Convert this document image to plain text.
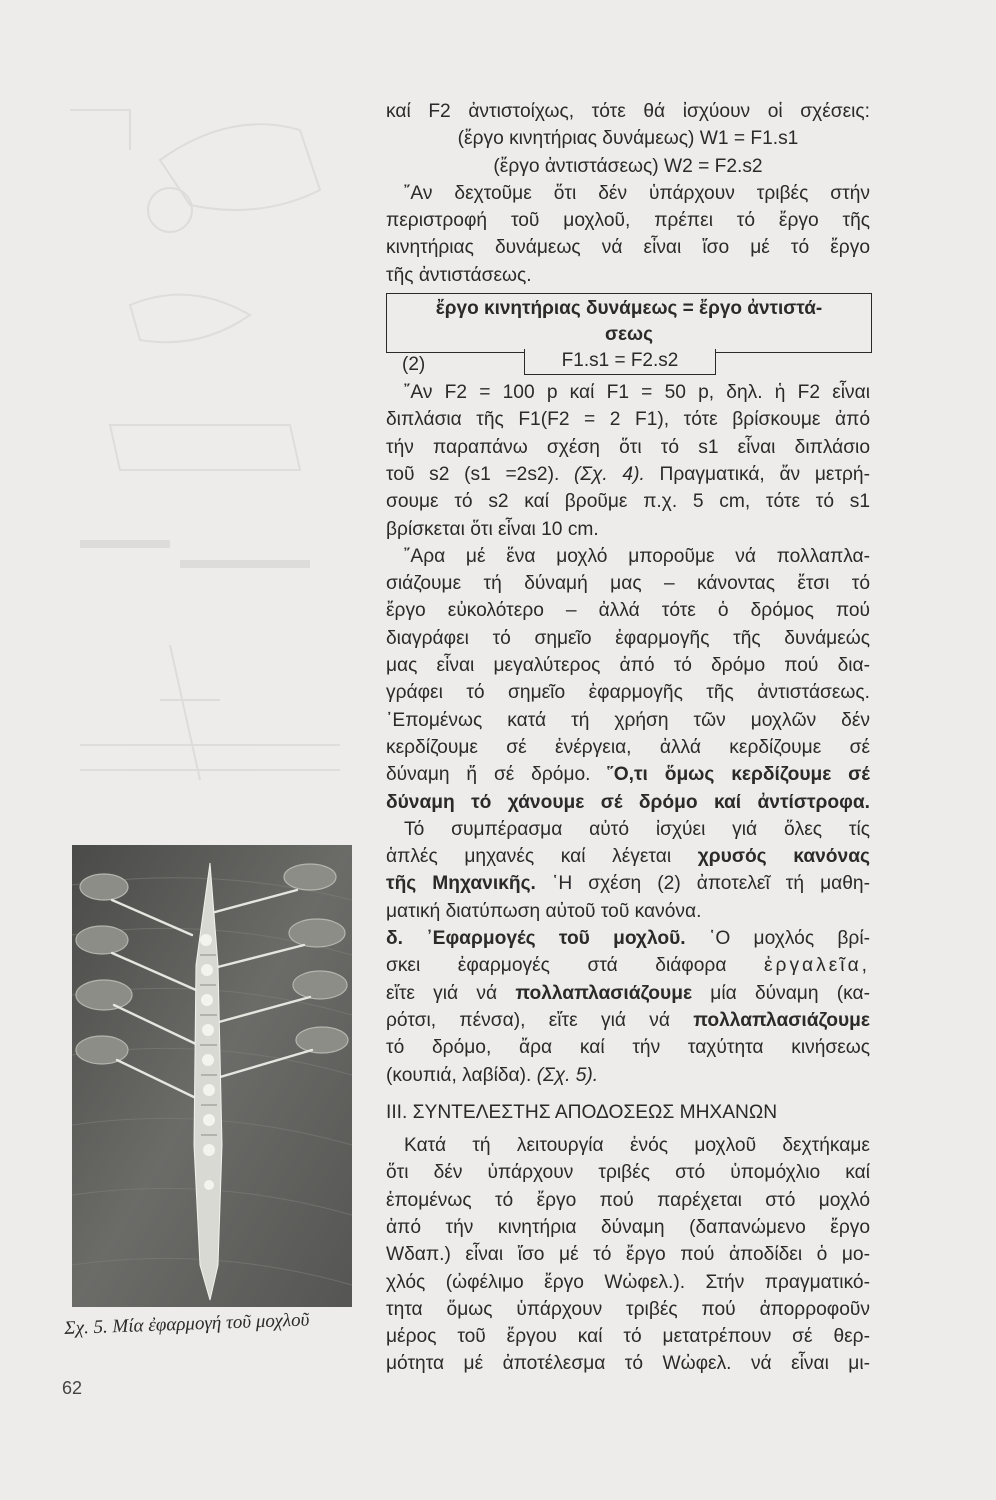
καί F2 ἀντιστοίχως, τότε θά ἰσχύουν οἱ σχέσεις:
(ἔργο κινητήριας δυνάμεως) W1 = F1.s1
(ἔργο ἀντιστάσεως) W2 = F2.s2
῎Αν δεχτοῦμε ὅτι δέν ὑπάρχουν τριβές στήν
περιστροφή τοῦ μοχλοῦ, πρέπει τό ἔργο τῆς
κινητήριας δυνάμεως νά εἶναι ἴσο μέ τό ἔργο
τῆς ἀντιστάσεως.
ἔργο κινητήριας δυνάμεως = ἔργο ἀντιστά-
σεως
(2)	F1.s1 = F2.s2
῎Αν F2 = 100 p καί F1 = 50 p, δηλ. ἡ F2 εἶναι
διπλάσια τῆς F1(F2 = 2 F1), τότε βρίσκουμε ἀπό
τήν παραπάνω σχέση ὅτι τό s1 εἶναι διπλάσιο
τοῦ s2 (s1 =2s2). (Σχ. 4). Πραγματικά, ἄν μετρή-
σουμε τό s2 καί βροῦμε π.χ. 5 cm, τότε τό s1
βρίσκεται ὅτι εἶναι 10 cm.
῎Αρα μέ ἕνα μοχλό μποροῦμε νά πολλαπλα-
σιάζουμε τή δύναμή μας – κάνοντας ἔτσι τό
ἔργο εὐκολότερο – ἀλλά τότε ὁ δρόμος πού
διαγράφει τό σημεῖο ἐφαρμογῆς τῆς δυνάμεώς
μας εἶναι μεγαλύτερος ἀπό τό δρόμο πού δια-
γράφει τό σημεῖο ἐφαρμογῆς τῆς ἀντιστάσεως.
᾿Επομένως κατά τή χρήση τῶν μοχλῶν δέν
κερδίζουμε σέ ἐνέργεια, ἀλλά κερδίζουμε σέ
δύναμη ἤ σέ δρόμο. ῞Ο,τι ὅμως κερδίζουμε σέ
δύναμη τό χάνουμε σέ δρόμο καί ἀντίστροφα.
Τό συμπέρασμα αὐτό ἰσχύει γιά ὅλες τίς
ἁπλές μηχανές καί λέγεται χρυσός κανόνας
τῆς Μηχανικῆς. ῾Η σχέση (2) ἀποτελεῖ τή μαθη-
ματική διατύπωση αὐτοῦ τοῦ κανόνα.
δ. ᾿Εφαρμογές τοῦ μοχλοῦ. ῾Ο μοχλός βρί-
σκει ἐφαρμογές στά διάφορα ἐργαλεῖα,
εἴτε γιά νά πολλαπλασιάζουμε μία δύναμη (κα-
ρότσι, πένσα), εἴτε γιά νά πολλαπλασιάζουμε
τό δρόμο, ἄρα καί τήν ταχύτητα κινήσεως
(κουπιά, λαβίδα). (Σχ. 5).
ΙΙΙ. ΣΥΝΤΕΛΕΣΤΗΣ ΑΠΟΔΟΣΕΩΣ ΜΗΧΑΝΩΝ
Κατά τή λειτουργία ἑνός μοχλοῦ δεχτήκαμε
ὅτι δέν ὑπάρχουν τριβές στό ὑπομόχλιο καί
ἑπομένως τό ἔργο πού παρέχεται στό μοχλό
ἀπό τήν κινητήρια δύναμη (δαπανώμενο ἔργο
Wδαπ.) εἶναι ἴσο μέ τό ἔργο πού ἀποδίδει ὁ μο-
χλός (ὠφέλιμο ἔργο Wὠφελ.). Στήν πραγματικό-
τητα ὅμως ὑπάρχουν τριβές πού ἀπορροφοῦν
μέρος τοῦ ἔργου καί τό μετατρέπουν σέ θερ-
μότητα μέ ἀποτέλεσμα τό Wὠφελ. νά εἶναι μι-
Σχ. 5. Μία ἐφαρμογή τοῦ μοχλοῦ
62
